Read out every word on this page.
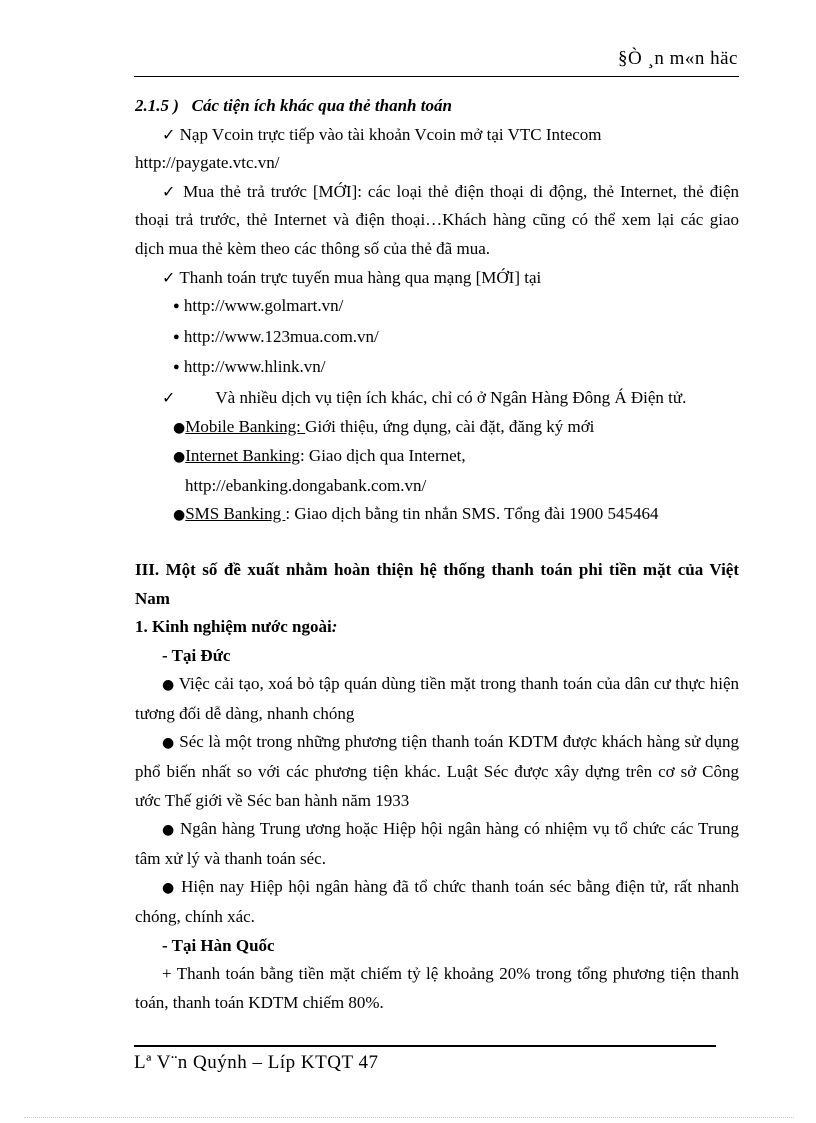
§Ò ¸n m«n häc

2.1.5 )   Các tiện ích khác qua thẻ thanh toán

✓ Nạp Vcoin trực tiếp vào tài khoản Vcoin mở tại VTC Intecom

http://paygate.vtc.vn/

✓ Mua thẻ trả trước [MỚI]: các loại thẻ điện thoại di động, thẻ Internet, thẻ điện thoại trả trước, thẻ Internet và điện thoại…Khách hàng cũng có thể xem lại các giao dịch mua thẻ kèm theo các thông số của thẻ đã mua.

✓ Thanh toán trực tuyến mua hàng qua mạng [MỚI] tại

● http://www.golmart.vn/

● http://www.123mua.com.vn/

● http://www.hlink.vn/

✓ Và nhiều dịch vụ tiện ích khác, chỉ có ở Ngân Hàng Đông Á Điện tử.

●Mobile Banking: Giới thiệu, ứng dụng, cài đặt, đăng ký mới

●Internet Banking: Giao dịch qua Internet,

http://ebanking.dongabank.com.vn/

●SMS Banking : Giao dịch bằng tin nhắn SMS. Tổng đài 1900 545464

III. Một số đề xuất nhằm hoàn thiện hệ thống thanh toán phi tiền mặt của Việt Nam

1. Kinh nghiệm nước ngoài:

- Tại Đức

● Việc cải tạo, xoá bỏ tập quán dùng tiền mặt trong thanh toán của dân cư thực hiện tương đối dễ dàng, nhanh chóng

● Séc là một trong những phương tiện thanh toán KDTM được khách hàng sử dụng phổ biến nhất so với các phương tiện khác. Luật Séc được xây dựng trên cơ sở Công ước Thế giới về Séc ban hành năm 1933

● Ngân hàng Trung ương hoặc Hiệp hội ngân hàng có nhiệm vụ tổ chức các Trung tâm xử lý và thanh toán séc.

● Hiện nay Hiệp hội ngân hàng đã tổ chức thanh toán séc bằng điện tử, rất nhanh chóng, chính xác.

- Tại Hàn Quốc

+ Thanh toán bằng tiền mặt chiếm tỷ lệ khoảng 20% trong tổng phương tiện thanh toán, thanh toán KDTM chiếm 80%.

Lª V¨n Quýnh – Líp KTQT 47
